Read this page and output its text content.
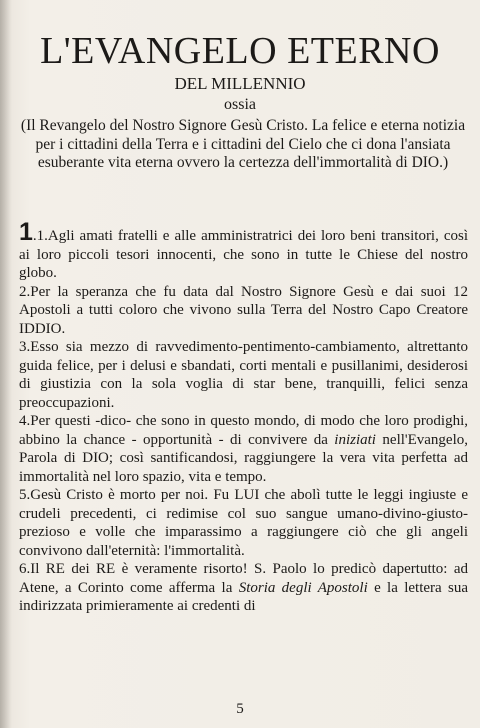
L'EVANGELO ETERNO

DEL MILLENNIO

ossia

(Il Revangelo del Nostro Signore Gesù Cristo. La felice e eterna notizia per i cittadini della Terra e i cittadini del Cielo che ci dona l'ansiata esuberante vita eterna ovvero la certezza dell'immortalità di DIO.)

1.1.Agli amati fratelli e alle amministratrici dei loro beni transitori, così ai loro piccoli tesori innocenti, che sono in tutte le Chiese del nostro globo.

2.Per la speranza che fu data dal Nostro Signore Gesù e dai suoi 12 Apostoli a tutti coloro che vivono sulla Terra del Nostro Capo Creatore IDDIO.

3.Esso sia mezzo di ravvedimento-pentimento-cambiamento, altrettanto guida felice, per i delusi e sbandati, corti mentali e pusillanimi, desiderosi di giustizia con la sola voglia di star bene, tranquilli, felici senza preoccupazioni.

4.Per questi -dico- che sono in questo mondo, di modo che loro prodighi, abbino la chance - opportunità - di convivere da iniziati nell'Evangelo, Parola di DIO; così santificandosi, raggiungere la vera vita perfetta ad immortalità nel loro spazio, vita e tempo.

5.Gesù Cristo è morto per noi. Fu LUI che abolì tutte le leggi ingiuste e crudeli precedenti, ci redimise col suo sangue umano-divino-giusto-prezioso e volle che imparassimo a raggiungere ciò che gli angeli convivono dall'eternità: l'immortalità.

6.Il RE dei RE è veramente risorto! S. Paolo lo predicò dapertutto: ad Atene, a Corinto come afferma la Storia degli Apostoli e la lettera sua indirizzata primieramente ai credenti di

5
